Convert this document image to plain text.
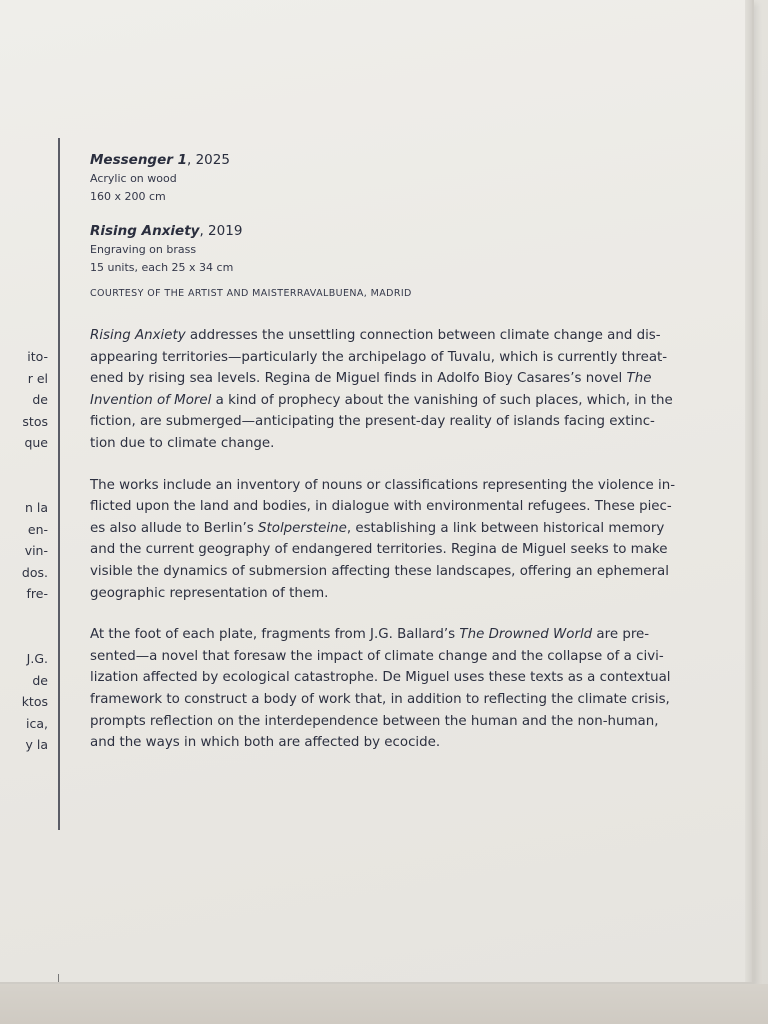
ito-
r el
de
stos
que
n la
en-
vin-
dos.
fre-
J.G.
de
ktos
ica,
y la
Messenger 1, 2025
Acrylic on wood
160 x 200 cm
Rising Anxiety, 2019
Engraving on brass
15 units, each 25 x 34 cm
COURTESY OF THE ARTIST AND MAISTERRAVALBUENA, MADRID

Rising Anxiety addresses the unsettling connection between climate change and dis-
appearing territories—particularly the archipelago of Tuvalu, which is currently threat-
ened by rising sea levels. Regina de Miguel finds in Adolfo Bioy Casares’s novel The
Invention of Morel a kind of prophecy about the vanishing of such places, which, in the
fiction, are submerged—anticipating the present-day reality of islands facing extinc-
tion due to climate change.

The works include an inventory of nouns or classifications representing the violence in-
flicted upon the land and bodies, in dialogue with environmental refugees. These piec-
es also allude to Berlin’s Stolpersteine, establishing a link between historical memory
and the current geography of endangered territories. Regina de Miguel seeks to make
visible the dynamics of submersion affecting these landscapes, offering an ephemeral
geographic representation of them.

At the foot of each plate, fragments from J.G. Ballard’s The Drowned World are pre-
sented—a novel that foresaw the impact of climate change and the collapse of a civi-
lization affected by ecological catastrophe. De Miguel uses these texts as a contextual
framework to construct a body of work that, in addition to reflecting the climate crisis,
prompts reflection on the interdependence between the human and the non-human,
and the ways in which both are affected by ecocide.
